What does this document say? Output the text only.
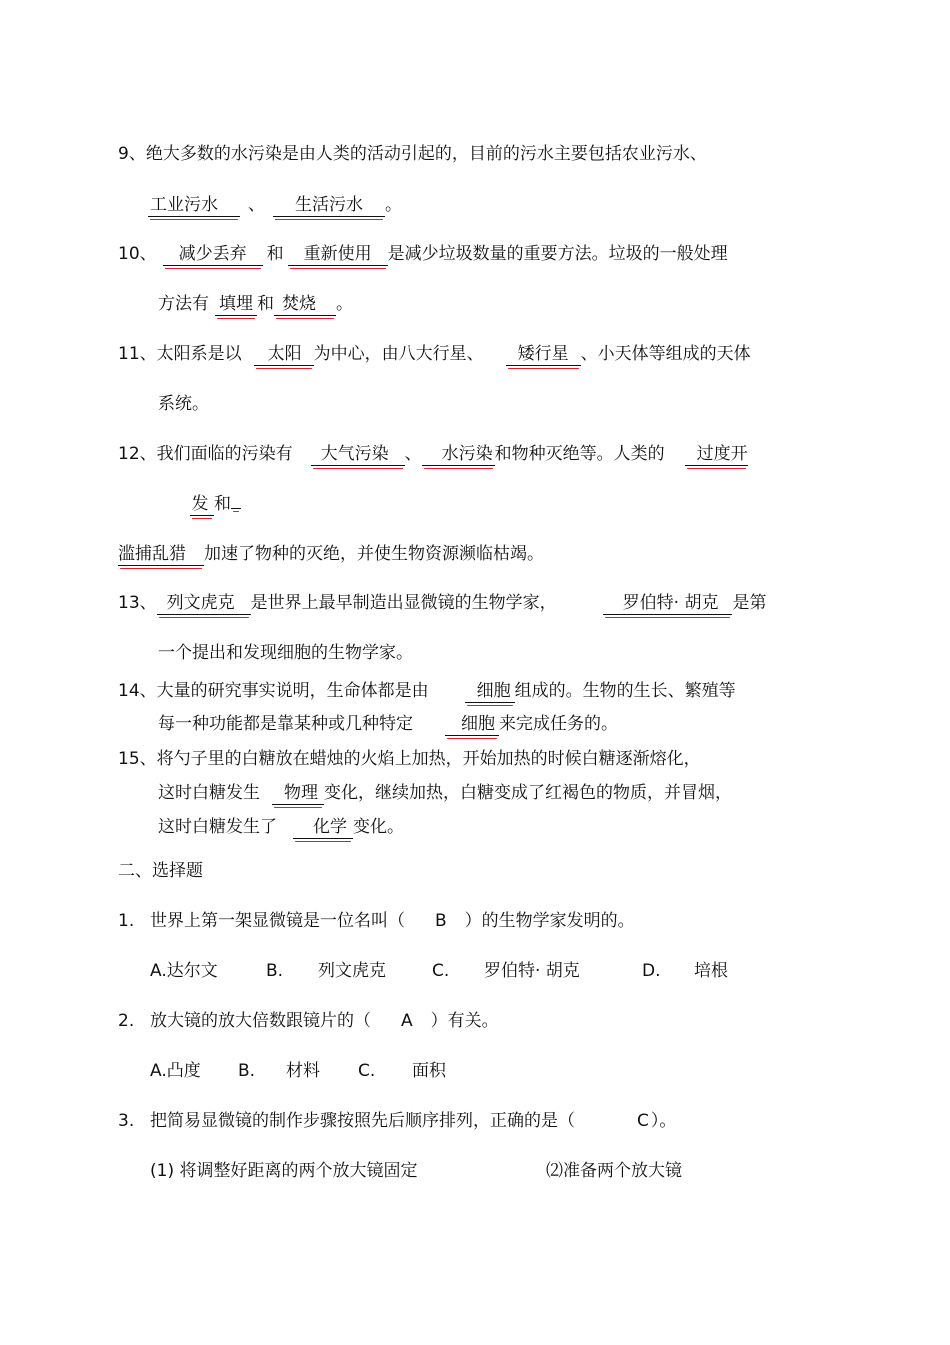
9、绝大多数的水污染是由人类的活动引起的，目前的污水主要包括农业污水、
工业污水 、 生活污水 。
10、 减少丢弃 和 重新使用 是减少垃圾数量的重要方法。垃圾的一般处理
方法有 填埋 和 焚烧 。
11、太阳系是以 太阳 为中心，由八大行星、 矮行星 、小天体等组成的天体
系统。
12、我们面临的污染有 大气污染 、 水污染 和物种灭绝等。人类的 过度开
发 和
滥捕乱猎 加速了物种的灭绝，并使生物资源濒临枯竭。
13、 列文虎克 是世界上最早制造出显微镜的生物学家，	罗伯特· 胡克 是第
一个提出和发现细胞的生物学家。
14、大量的研究事实说明，生命体都是由	细胞 组成的。生物的生长、繁殖等
每一种功能都是靠某种或几种特定	细胞 来完成任务的。
15、将勺子里的白糖放在蜡烛的火焰上加热，开始加热的时候白糖逐渐熔化，
这时白糖发生 物理 变化，继续加热，白糖变成了红褐色的物质，并冒烟，
这时白糖发生了 化学 变化。
二、选择题
1. 世界上第一架显微镜是一位名叫（ B ）的生物学家发明的。
A.达尔文	B. 列文虎克	C. 罗伯特· 胡克	D. 培根
2. 放大镜的放大倍数跟镜片的（ A ）有关。
A.凸度 B. 材料 C. 面积
3. 把简易显微镜的制作步骤按照先后顺序排列，正确的是（	C ）。
(1) 将调整好距离的两个放大镜固定	⑵准备两个放大镜
